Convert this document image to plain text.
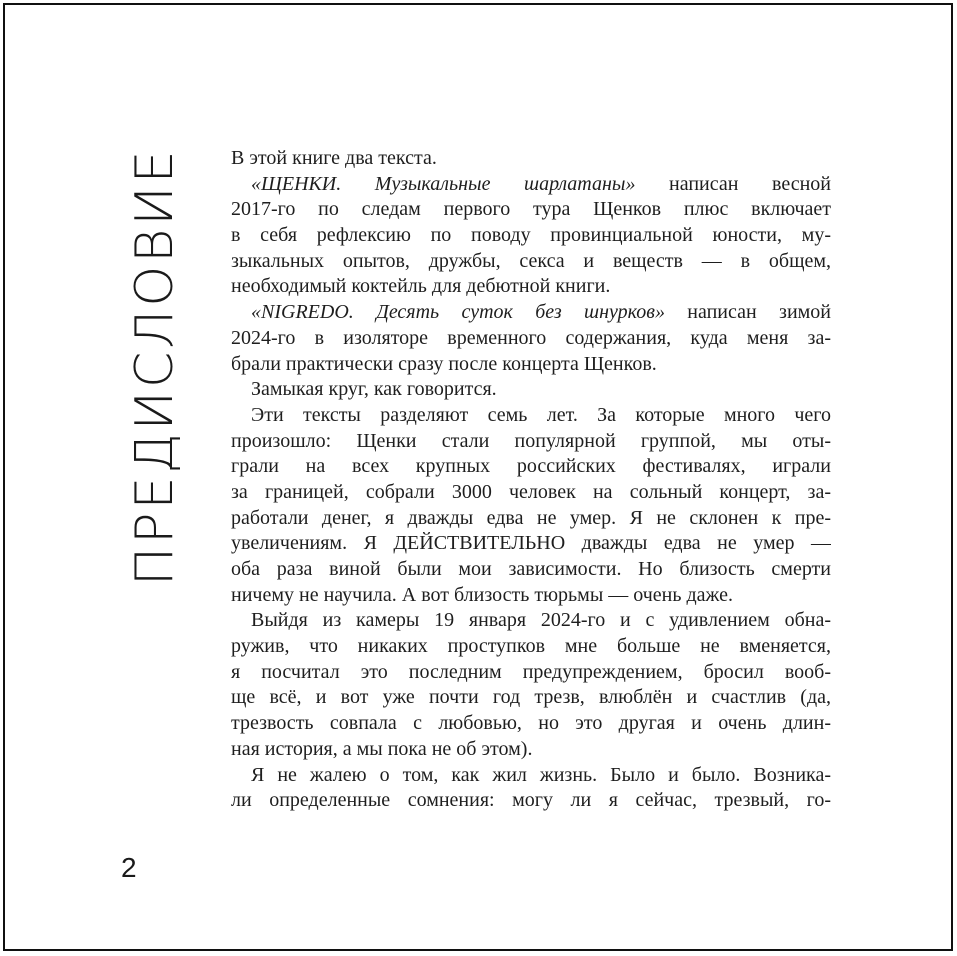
ПРЕДИСЛОВИЕ В этой книге два текста.
«ЩЕНКИ. Музыкальные шарлатаны» написан весной
2017-го по следам первого тура Щенков плюс включает
в себя рефлексию по поводу провинциальной юности, му-
зыкальных опытов, дружбы, секса и веществ — в общем,
необходимый коктейль для дебютной книги.
«NIGREDO. Десять суток без шнурков» написан зимой
2024-го в изоляторе временного содержания, куда меня за-
брали практически сразу после концерта Щенков.
Замыкая круг, как говорится.
Эти тексты разделяют семь лет. За которые много чего
произошло: Щенки стали популярной группой, мы оты-
грали на всех крупных российских фестивалях, играли
за границей, собрали 3000 человек на сольный концерт, за-
работали денег, я дважды едва не умер. Я не склонен к пре-
увеличениям. Я ДЕЙСТВИТЕЛЬНО дважды едва не умер —
оба раза виной были мои зависимости. Но близость смерти
ничему не научила. А вот близость тюрьмы — очень даже.
Выйдя из камеры 19 января 2024-го и с удивлением обна-
ружив, что никаких проступков мне больше не вменяется,
я посчитал это последним предупреждением, бросил вооб-
ще всё, и вот уже почти год трезв, влюблён и счастлив (да,
трезвость совпала с любовью, но это другая и очень длин-
ная история, а мы пока не об этом).
Я не жалею о том, как жил жизнь. Было и было. Возника-
ли определенные сомнения: могу ли я сейчас, трезвый, го-
2
